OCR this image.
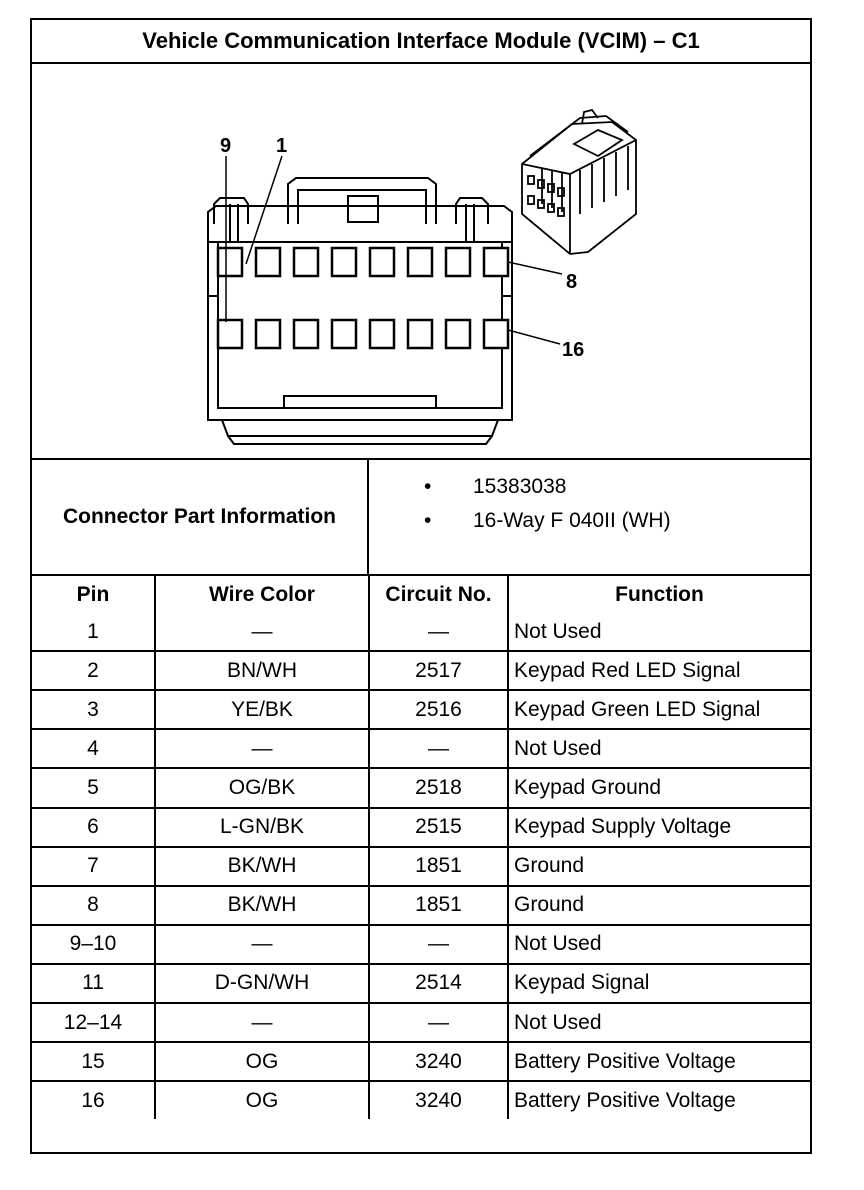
Vehicle Communication Interface Module (VCIM) – C1
9 1
8
16
Connector Part Information
• 15383038
• 16-Way F 040II (WH)
Pin	Wire Color	Circuit No.	Function
1	—	—	Not Used
2	BN/WH	2517	Keypad Red LED Signal
3	YE/BK	2516	Keypad Green LED Signal
4	—	—	Not Used
5	OG/BK	2518	Keypad Ground
6	L-GN/BK	2515	Keypad Supply Voltage
7	BK/WH	1851	Ground
8	BK/WH	1851	Ground
9–10	—	—	Not Used
11	D-GN/WH	2514	Keypad Signal
12–14	—	—	Not Used
15	OG	3240	Battery Positive Voltage
16	OG	3240	Battery Positive Voltage
